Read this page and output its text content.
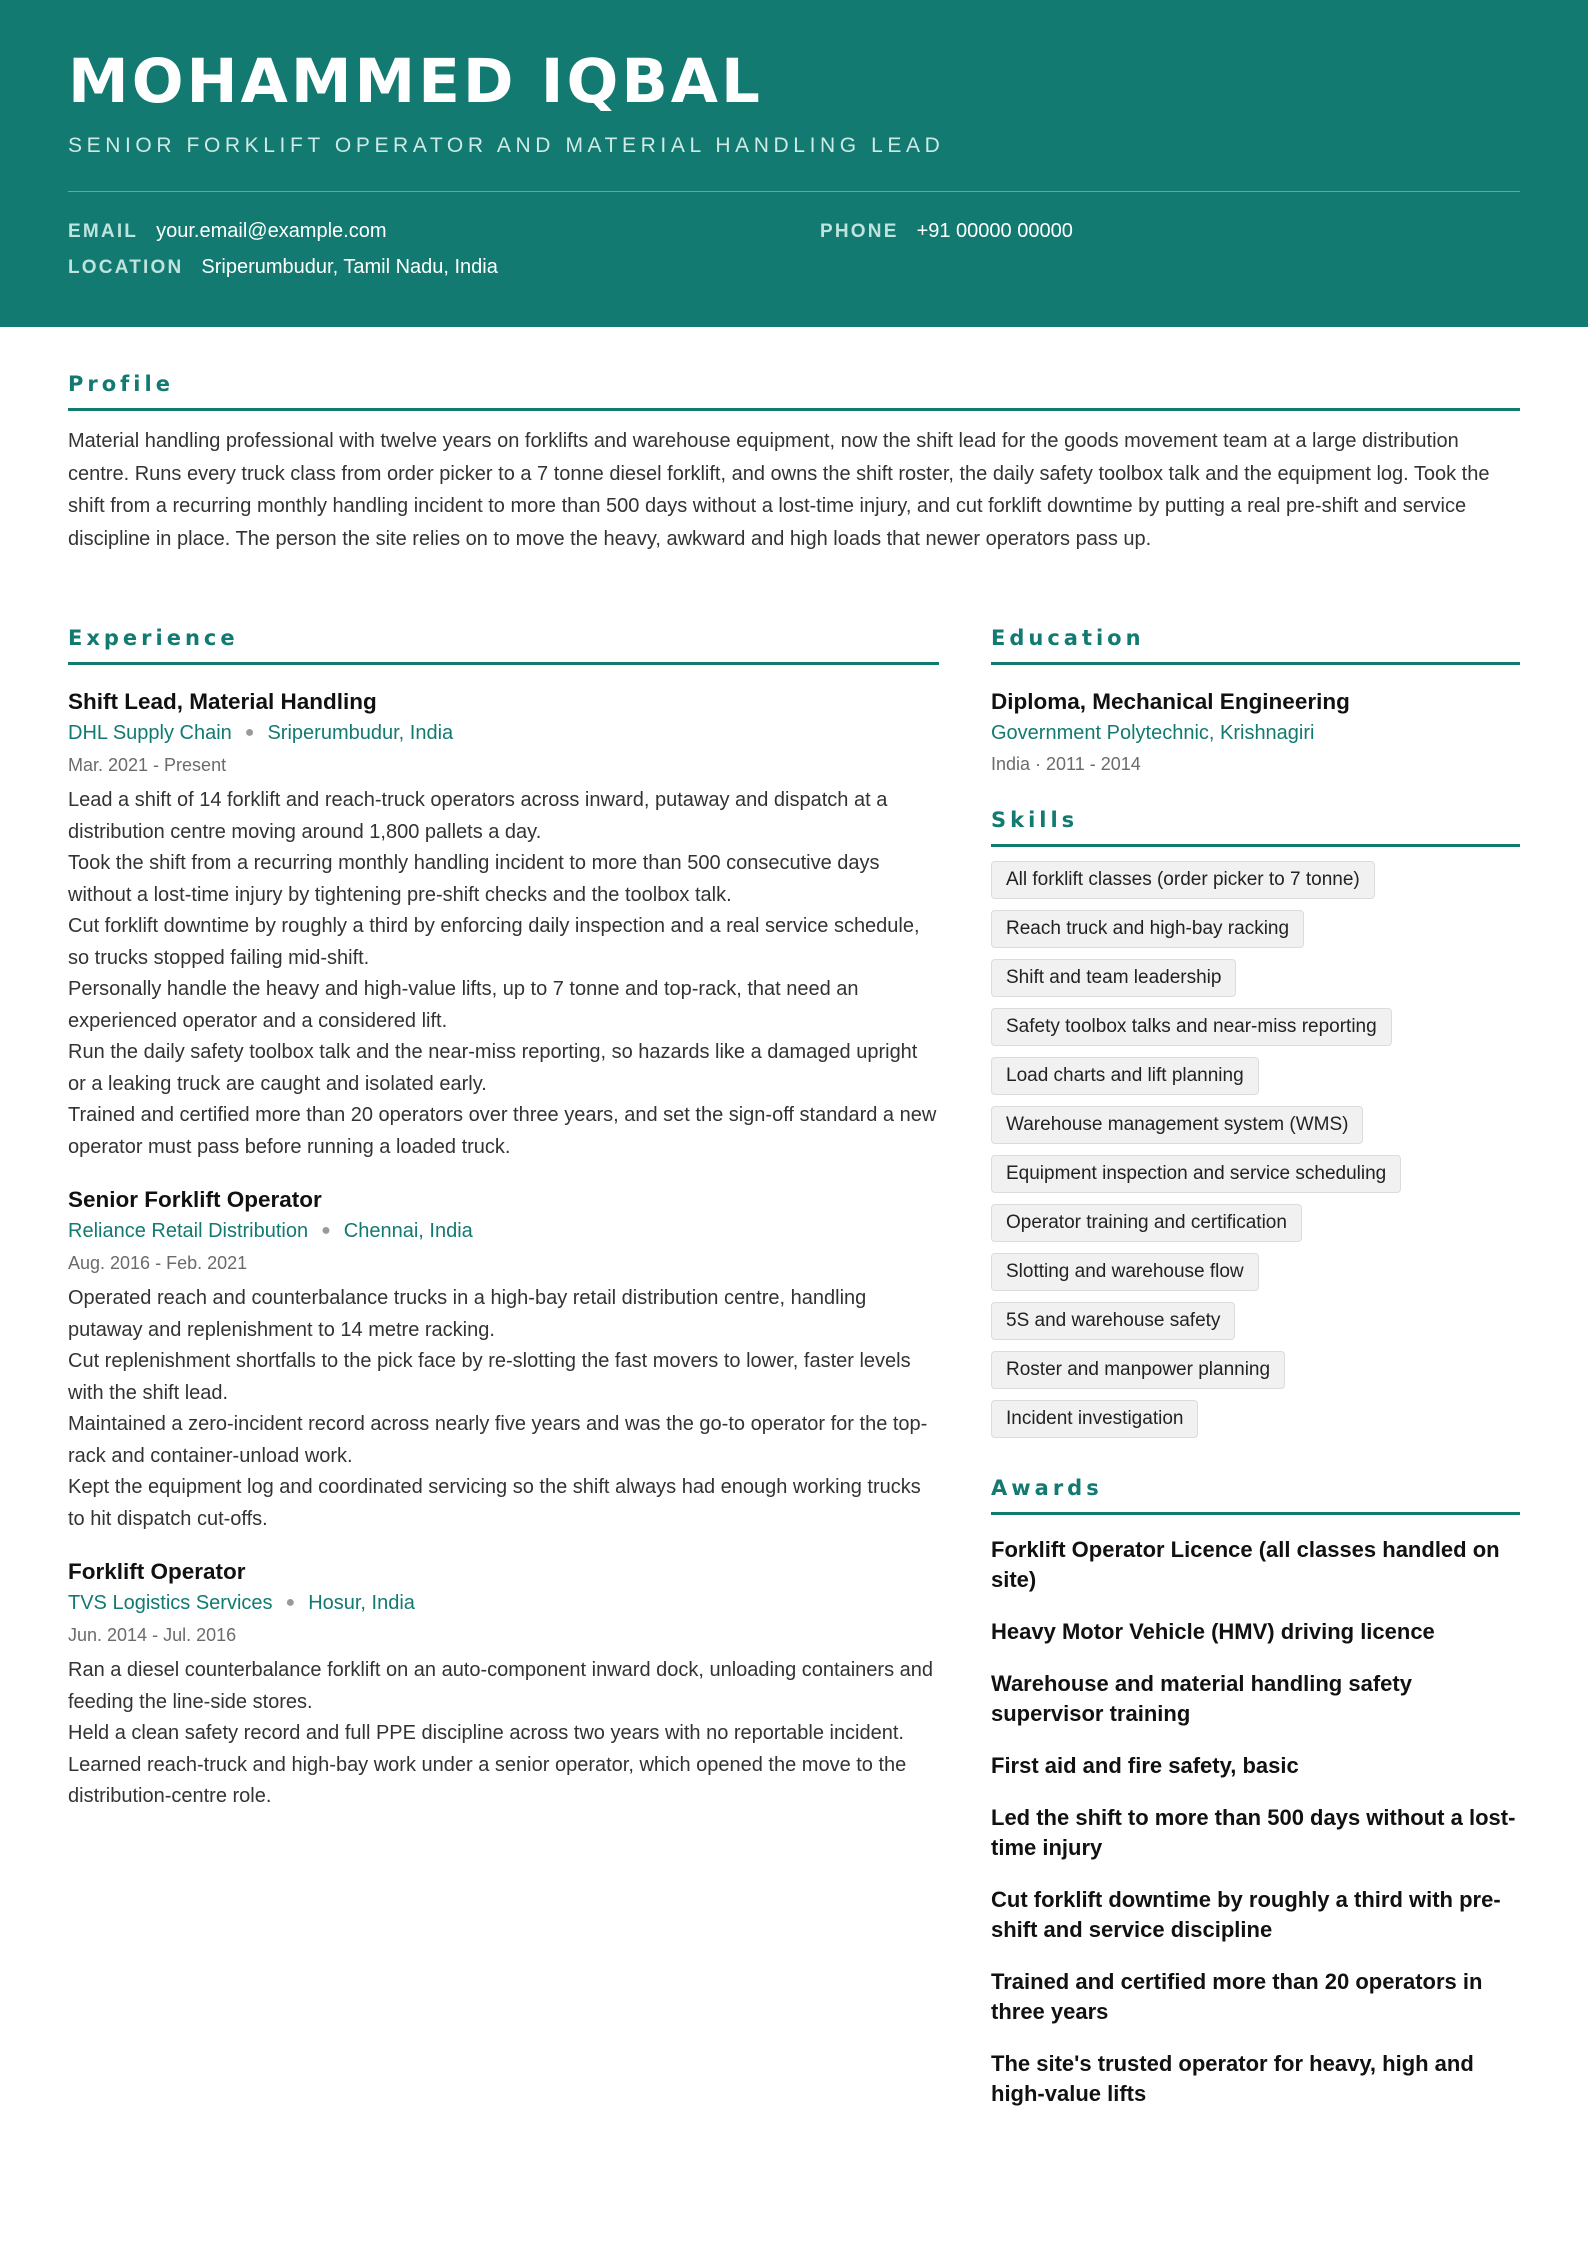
MOHAMMED IQBAL
SENIOR FORKLIFT OPERATOR AND MATERIAL HANDLING LEAD
EMAIL your.email@example.com	PHONE +91 00000 00000
LOCATION Sriperumbudur, Tamil Nadu, India
Profile

Material handling professional with twelve years on forklifts and warehouse equipment, now the shift lead for the goods movement team at a large distribution centre. Runs every truck class from order picker to a 7 tonne diesel forklift, and owns the shift roster, the daily safety toolbox talk and the equipment log. Took the shift from a recurring monthly handling incident to more than 500 days without a lost-time injury, and cut forklift downtime by putting a real pre-shift and service discipline in place. The person the site relies on to move the heavy, awkward and high loads that newer operators pass up.

Experience
Shift Lead, Material Handling
DHL Supply Chain ● Sriperumbudur, India
Mar. 2021 - Present
Lead a shift of 14 forklift and reach-truck operators across inward, putaway and dispatch at a distribution centre moving around 1,800 pallets a day.
Took the shift from a recurring monthly handling incident to more than 500 consecutive days without a lost-time injury by tightening pre-shift checks and the toolbox talk.
Cut forklift downtime by roughly a third by enforcing daily inspection and a real service schedule, so trucks stopped failing mid-shift.
Personally handle the heavy and high-value lifts, up to 7 tonne and top-rack, that need an experienced operator and a considered lift.
Run the daily safety toolbox talk and the near-miss reporting, so hazards like a damaged upright or a leaking truck are caught and isolated early.
Trained and certified more than 20 operators over three years, and set the sign-off standard a new operator must pass before running a loaded truck.
Senior Forklift Operator
Reliance Retail Distribution ● Chennai, India
Aug. 2016 - Feb. 2021
Operated reach and counterbalance trucks in a high-bay retail distribution centre, handling putaway and replenishment to 14 metre racking.
Cut replenishment shortfalls to the pick face by re-slotting the fast movers to lower, faster levels with the shift lead.
Maintained a zero-incident record across nearly five years and was the go-to operator for the top-rack and container-unload work.
Kept the equipment log and coordinated servicing so the shift always had enough working trucks to hit dispatch cut-offs.
Forklift Operator
TVS Logistics Services ● Hosur, India
Jun. 2014 - Jul. 2016
Ran a diesel counterbalance forklift on an auto-component inward dock, unloading containers and feeding the line-side stores.
Held a clean safety record and full PPE discipline across two years with no reportable incident.
Learned reach-truck and high-bay work under a senior operator, which opened the move to the distribution-centre role.
Education
Diploma, Mechanical Engineering
Government Polytechnic, Krishnagiri
India · 2011 - 2014
Skills
All forklift classes (order picker to 7 tonne)
Reach truck and high-bay racking
Shift and team leadership
Safety toolbox talks and near-miss reporting
Load charts and lift planning
Warehouse management system (WMS)
Equipment inspection and service scheduling
Operator training and certification
Slotting and warehouse flow
5S and warehouse safety
Roster and manpower planning
Incident investigation
Awards
Forklift Operator Licence (all classes handled on site)
Heavy Motor Vehicle (HMV) driving licence
Warehouse and material handling safety supervisor training
First aid and fire safety, basic
Led the shift to more than 500 days without a lost-time injury
Cut forklift downtime by roughly a third with pre-shift and service discipline
Trained and certified more than 20 operators in three years
The site's trusted operator for heavy, high and high-value lifts
